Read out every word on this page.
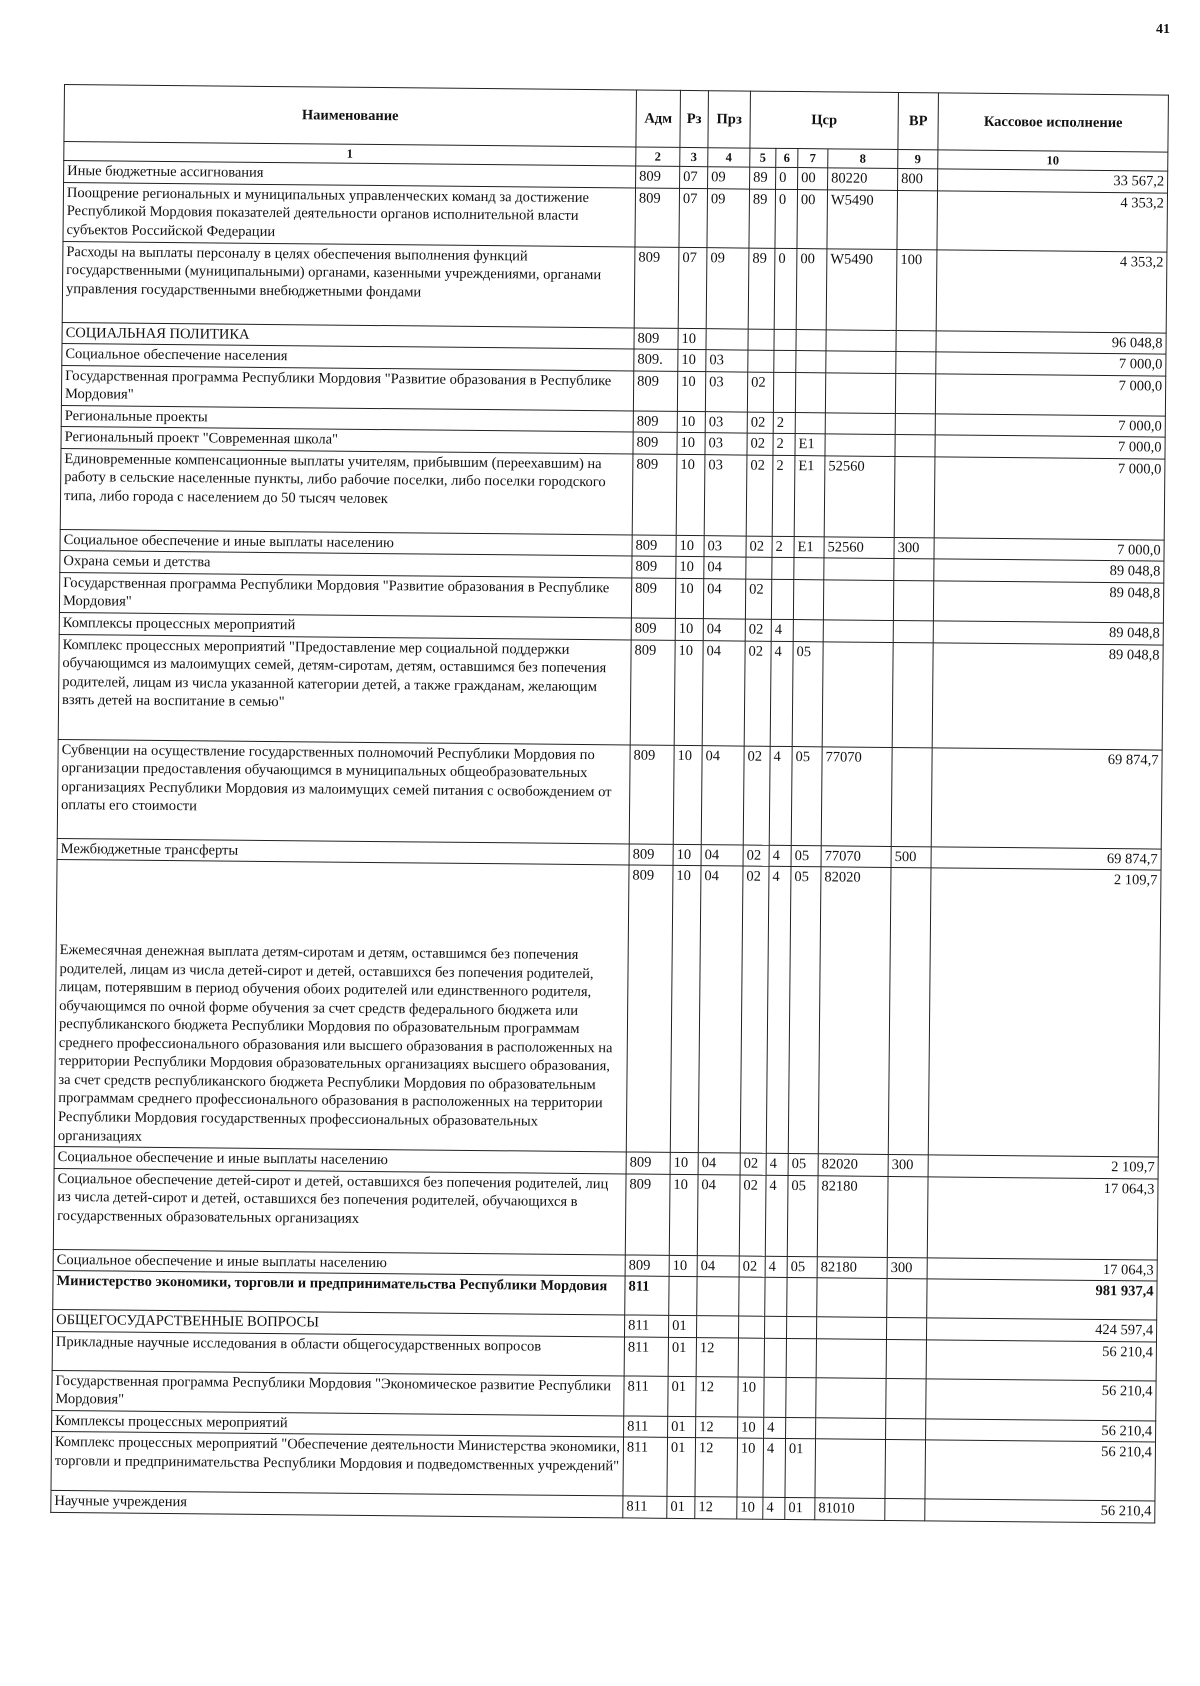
41
Наименование	Адм	Рз	Прз	Цср				ВР	Кассовое исполнение
1	2	3	4	5	6	7	8	9	10
Иные бюджетные ассигнования	809	07	09	89	0	00	80220	800	33 567,2
Поощрение региональных и муниципальных управленческих команд за достижение Республикой Мордовия показателей деятельности органов исполнительной власти субъектов Российской Федерации	809	07	09	89	0	00	W5490		4 353,2
Расходы на выплаты персоналу в целях обеспечения выполнения функций государственными (муниципальными) органами, казенными учреждениями, органами управления государственными внебюджетными фондами	809	07	09	89	0	00	W5490	100	4 353,2
СОЦИАЛЬНАЯ ПОЛИТИКА	809	10							96 048,8
Социальное обеспечение населения	809.	10	03						7 000,0
Государственная программа Республики Мордовия "Развитие образования в Республике Мордовия"	809	10	03	02					7 000,0
Региональные проекты	809	10	03	02	2				7 000,0
Региональный проект "Современная школа"	809	10	03	02	2	E1			7 000,0
Единовременные компенсационные выплаты учителям, прибывшим (переехавшим) на работу в сельские населенные пункты, либо рабочие поселки, либо поселки городского типа, либо города с населением до 50 тысяч человек	809	10	03	02	2	E1	52560		7 000,0
Социальное обеспечение и иные выплаты населению	809	10	03	02	2	E1	52560	300	7 000,0
Охрана семьи и детства	809	10	04						89 048,8
Государственная программа Республики Мордовия "Развитие образования в Республике Мордовия"	809	10	04	02					89 048,8
Комплексы процессных мероприятий	809	10	04	02	4				89 048,8
Комплекс процессных мероприятий "Предоставление мер социальной поддержки обучающимся из малоимущих семей, детям-сиротам, детям, оставшимся без попечения родителей, лицам из числа указанной категории детей, а также гражданам, желающим взять детей на воспитание в семью"	809	10	04	02	4	05			89 048,8
Субвенции на осуществление государственных полномочий Республики Мордовия по организации предоставления обучающимся в муниципальных общеобразовательных организациях Республики Мордовия из малоимущих семей питания с освобождением от оплаты его стоимости	809	10	04	02	4	05	77070		69 874,7
Межбюджетные трансферты	809	10	04	02	4	05	77070	500	69 874,7
Ежемесячная денежная выплата детям-сиротам и детям, оставшимся без попечения родителей, лицам из числа детей-сирот и детей, оставшихся без попечения родителей, лицам, потерявшим в период обучения обоих родителей или единственного родителя, обучающимся по очной форме обучения за счет средств федерального бюджета или республиканского бюджета Республики Мордовия по образовательным программам среднего профессионального образования или высшего образования в расположенных на территории Республики Мордовия образовательных организациях высшего образования, за счет средств республиканского бюджета Республики Мордовия по образовательным программам среднего профессионального образования в расположенных на территории Республики Мордовия государственных профессиональных образовательных организациях	809	10	04	02	4	05	82020		2 109,7
Социальное обеспечение и иные выплаты населению	809	10	04	02	4	05	82020	300	2 109,7
Социальное обеспечение детей-сирот и детей, оставшихся без попечения родителей, лиц из числа детей-сирот и детей, оставшихся без попечения родителей, обучающихся в государственных образовательных организациях	809	10	04	02	4	05	82180		17 064,3
Социальное обеспечение и иные выплаты населению	809	10	04	02	4	05	82180	300	17 064,3
Министерство экономики, торговли и предпринимательства Республики Мордовия	811								981 937,4
ОБЩЕГОСУДАРСТВЕННЫЕ ВОПРОСЫ	811	01							424 597,4
Прикладные научные исследования в области общегосударственных вопросов	811	01	12						56 210,4
Государственная программа Республики Мордовия "Экономическое развитие Республики Мордовия"	811	01	12	10					56 210,4
Комплексы процессных мероприятий	811	01	12	10	4				56 210,4
Комплекс процессных мероприятий "Обеспечение деятельности Министерства экономики, торговли и предпринимательства Республики Мордовия и подведомственных учреждений"	811	01	12	10	4	01			56 210,4
Научные учреждения	811	01	12	10	4	01	81010		56 210,4
